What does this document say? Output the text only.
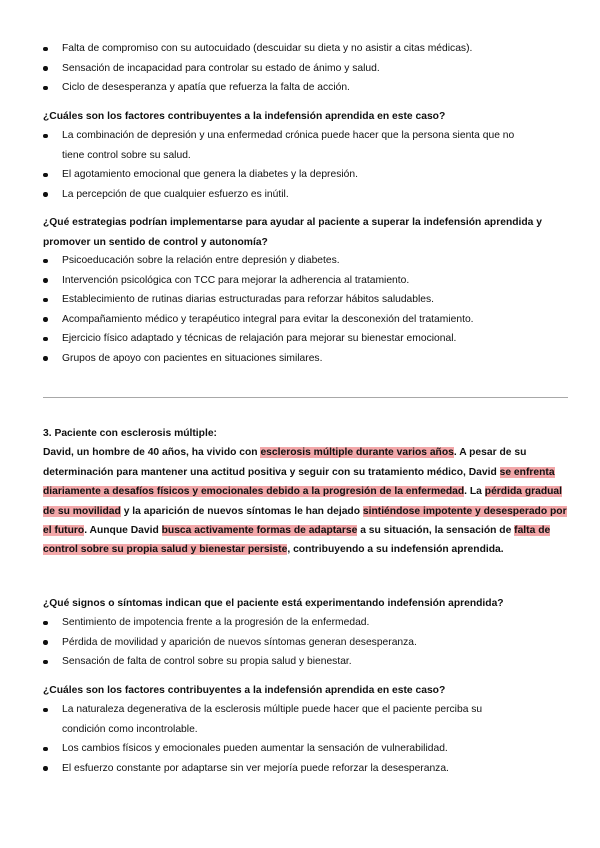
Falta de compromiso con su autocuidado (descuidar su dieta y no asistir a citas médicas).
Sensación de incapacidad para controlar su estado de ánimo y salud.
Ciclo de desesperanza y apatía que refuerza la falta de acción.
¿Cuáles son los factores contribuyentes a la indefensión aprendida en este caso?
La combinación de depresión y una enfermedad crónica puede hacer que la persona sienta que no tiene control sobre su salud.
El agotamiento emocional que genera la diabetes y la depresión.
La percepción de que cualquier esfuerzo es inútil.
¿Qué estrategias podrían implementarse para ayudar al paciente a superar la indefensión aprendida y promover un sentido de control y autonomía?
Psicoeducación sobre la relación entre depresión y diabetes.
Intervención psicológica con TCC para mejorar la adherencia al tratamiento.
Establecimiento de rutinas diarias estructuradas para reforzar hábitos saludables.
Acompañamiento médico y terapéutico integral para evitar la desconexión del tratamiento.
Ejercicio físico adaptado y técnicas de relajación para mejorar su bienestar emocional.
Grupos de apoyo con pacientes en situaciones similares.
3. Paciente con esclerosis múltiple:
David, un hombre de 40 años, ha vivido con esclerosis múltiple durante varios años. A pesar de su determinación para mantener una actitud positiva y seguir con su tratamiento médico, David se enfrenta diariamente a desafíos físicos y emocionales debido a la progresión de la enfermedad. La pérdida gradual de su movilidad y la aparición de nuevos síntomas le han dejado sintiéndose impotente y desesperado por el futuro. Aunque David busca activamente formas de adaptarse a su situación, la sensación de falta de control sobre su propia salud y bienestar persiste, contribuyendo a su indefensión aprendida.
¿Qué signos o síntomas indican que el paciente está experimentando indefensión aprendida?
Sentimiento de impotencia frente a la progresión de la enfermedad.
Pérdida de movilidad y aparición de nuevos síntomas generan desesperanza.
Sensación de falta de control sobre su propia salud y bienestar.
¿Cuáles son los factores contribuyentes a la indefensión aprendida en este caso?
La naturaleza degenerativa de la esclerosis múltiple puede hacer que el paciente perciba su condición como incontrolable.
Los cambios físicos y emocionales pueden aumentar la sensación de vulnerabilidad.
El esfuerzo constante por adaptarse sin ver mejoría puede reforzar la desesperanza.
